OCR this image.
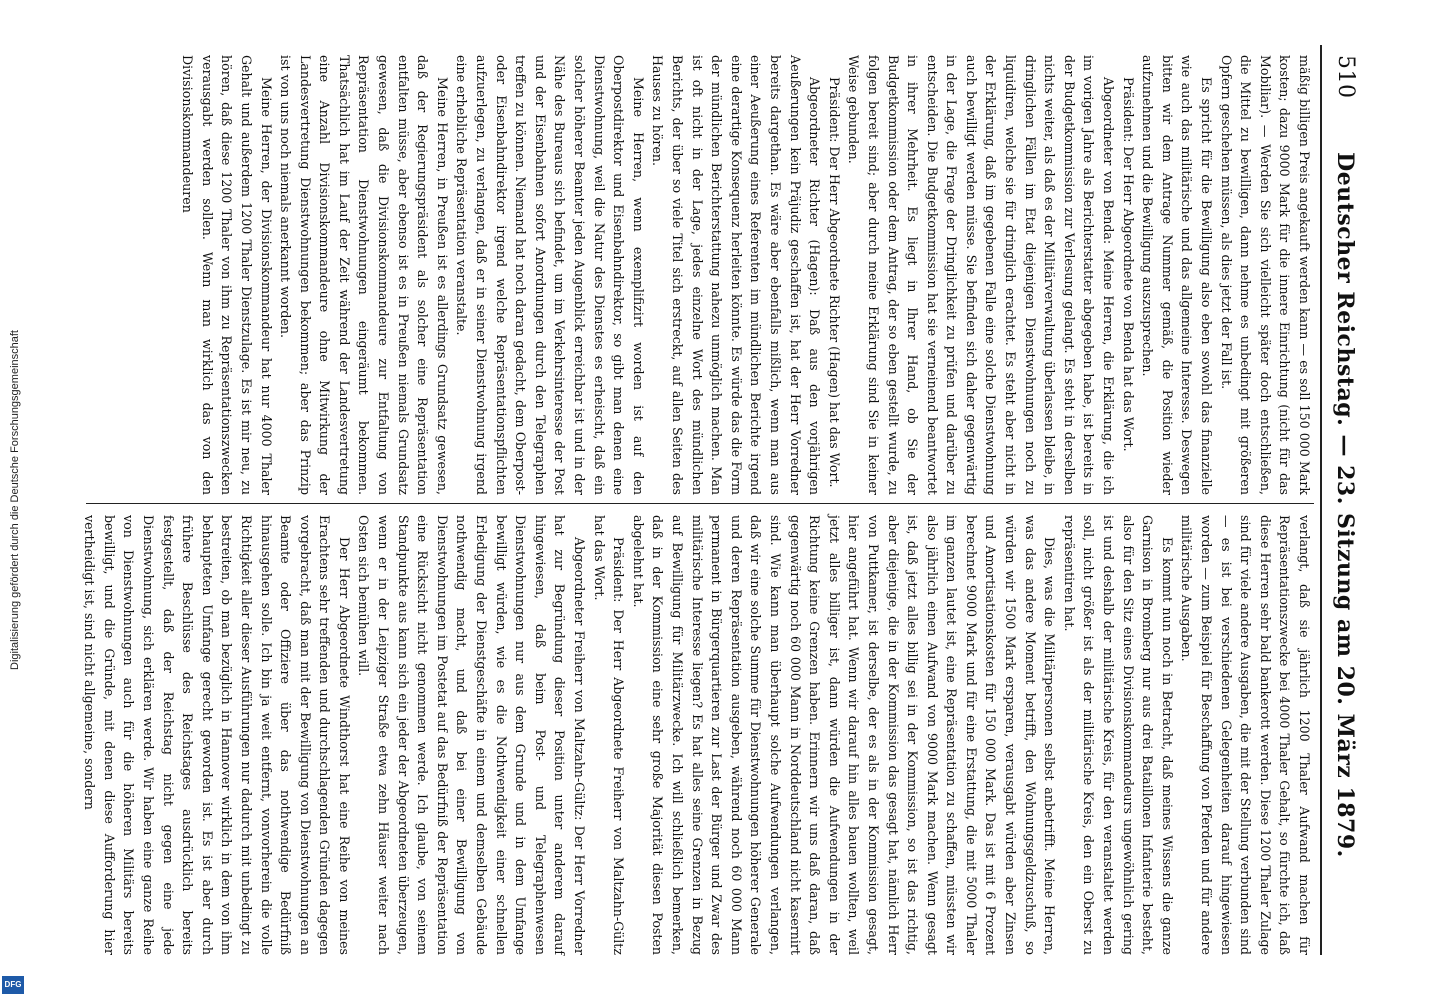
510
Deutscher Reichstag. — 23. Sitzung am 20. März 1879.

mäßig billigen Preis angekauft werden kann — es soll 150 000 Mark kosten; dazu 9000 Mark für die innere Einrichtung (nicht für das Mobiliar). — Werden Sie sich vielleicht später doch entschließen, die Mittel zu bewilligen, dann nehme es unbedingt mit größeren Opfern geschehen müssen, als dies jetzt der Fall ist.

Es spricht für die Bewilligung also eben sowohl das finanzielle wie auch das militärische und das allgemeine Interesse. Deswegen bitten wir dem Antrage Nummer gemäß, die Position wieder aufzunehmen und die Bewilligung auszusprechen.

Präsident: Der Herr Abgeordnete von Benda hat das Wort.

Abgeordneter von Benda: Meine Herren, die Erklärung, die ich im vorigen Jahre als Berichterstatter abgegeben habe, ist bereits in der Budgetkommission zur Verlesung gelangt. Es steht in derselben nichts weiter, als daß es der Militärverwaltung überlassen bleibe, in dringlichen Fällen im Etat diejenigen Dienstwohnungen noch zu liquidiren, welche sie für dringlich erachtet. Es steht aber nicht in der Erklärung, daß im gegebenen Falle eine solche Dienstwohnung auch bewilligt werden müsse. Sie befinden sich daher gegenwärtig in der Lage, die Frage der Dringlichkeit zu prüfen und darüber zu entscheiden. Die Budgetkommission hat sie verneinend beantwortet in ihrer Mehrheit. Es liegt in Ihrer Hand, ob Sie der Budgetkommission oder dem Antrag, der so eben gestellt wurde, zu folgen bereit sind; aber durch meine Erklärung sind Sie in keiner Weise gebunden.

Präsident: Der Herr Abgeordnete Richter (Hagen) hat das Wort.

Abgeordneter Richter (Hagen): Daß aus den vorjährigen Aeußerungen kein Präjudiz geschaffen ist, hat der Herr Vorredner bereits dargethan. Es wäre aber ebenfalls mißlich, wenn man aus einer Aeußerung eines Referenten im mündlichen Berichte irgend eine derartige Konsequenz herleiten könnte. Es würde das die Form der mündlichen Berichterstattung nahezu unmöglich machen. Man ist oft nicht in der Lage, jedes einzelne Wort des mündlichen Berichts, der über so viele Titel sich erstreckt, auf allen Seiten des Hauses zu hören.

Meine Herren, wenn exemplifizirt worden ist auf den Oberpostdirektor und Eisenbahndirektor, so gibt man denen eine Dienstwohnung, weil die Natur des Dienstes es erheischt, daß ein solcher höherer Beamter jeden Augenblick erreichbar ist und in der Nähe des Bureaus sich befindet, um im Verkehrsinteresse der Post und der Eisenbahnen sofort Anordnungen durch den Telegraphen treffen zu können. Niemand hat noch daran gedacht, dem Oberpost- oder Eisenbahndirektor irgend welche Repräsentationspflichten aufzuerlegen, zu verlangen, daß er in seiner Dienstwohnung irgend eine erhebliche Repräsentation veranstalte.

Meine Herren, in Preußen ist es allerdings Grundsatz gewesen, daß der Regierungspräsident als solcher eine Repräsentation entfalten müsse, aber ebenso ist es in Preußen niemals Grundsatz gewesen, daß die Divisionskommandeure zur Entfaltung von Repräsentation Dienstwohnungen eingeräumt bekommen. Thatsächlich hat im Lauf der Zeit während der Landesvertretung eine Anzahl Divisionskommandeure ohne Mitwirkung der Landesvertretung Dienstwohnungen bekommen; aber das Prinzip ist von uns noch niemals anerkannt worden.

Meine Herren, der Divisionskommandeur hat nur 4000 Thaler Gehalt und außerdem 1200 Thaler Dienstzulage. Es ist mir neu, zu hören, daß diese 1200 Thaler von ihm zu Repräsentationszwecken verausgabt werden sollen. Wenn man wirklich das von den Divisionskommandeuren

verlangt, daß sie jährlich 1200 Thaler Aufwand machen für Repräsentationszwecke bei 4000 Thaler Gehalt, so fürchte ich, daß diese Herren sehr bald bankerott werden. Diese 1200 Thaler Zulage sind für viele andere Ausgaben, die mit der Stellung verbunden sind — es ist bei verschiedenen Gelegenheiten darauf hingewiesen worden — zum Beispiel für Beschaffung von Pferden und für andere militärische Ausgaben.

Es kommt nun noch in Betracht, daß meines Wissens die ganze Garnison in Bromberg nur aus drei Bataillonen Infanterie besteht, also für den Sitz eines Divisionskommandeurs ungewöhnlich gering ist und deshalb der militärische Kreis, für den veranstaltet werden soll, nicht größer ist als der militärische Kreis, den ein Oberst zu repräsentiren hat.

Dies, was die Militärpersonen selbst anbetrifft. Meine Herren, was das andere Moment betrifft, den Wohnungsgeldzuschuß, so würden wir 1500 Mark ersparen, verausgabt würden aber Zinsen und Amortisationskosten für 150 000 Mark. Das ist mit 6 Prozent berechnet 9000 Mark und für eine Erstattung, die mit 5000 Thaler im ganzen lautet ist, eine Repräsentation zu schaffen, müssten wir also jährlich einen Aufwand von 9000 Mark machen. Wenn gesagt ist, daß jetzt alles billig sei in der Kommission, so ist das richtig, aber diejenige, die in der Kommission das gesagt hat, nämlich Herr von Puttkamer, ist derselbe, der es als in der Kommission gesagt, hier angeführt hat. Wenn wir darauf hin alles bauen wollten, weil jetzt alles billiger ist, dann würden die Aufwendungen in der Richtung keine Grenzen haben. Erinnern wir uns daß daran, daß gegenwärtig noch 60 000 Mann in Norddeutschland nicht kasernirt sind. Wie kann man überhaupt solche Aufwendungen verlangen, daß wir eine solche Summe für Dienstwohnungen höherer Generale und deren Repräsentation ausgeben, während noch 60 000 Mann permanent in Bürgerquartieren zur Last der Bürger und Zwar des militärische Interesse liegen? Es hat alles seine Grenzen in Bezug auf Bewilligung für Militärzwecke. Ich will schließlich bemerken, daß in der Kommission eine sehr große Majorität diesen Posten abgelehnt hat.

Präsident: Der Herr Abgeordnete Freiherr von Maltzahn-Gültz hat das Wort.

Abgeordneter Freiherr von Maltzahn-Gültz: Der Herr Vorredner hat zur Begründung dieser Position unter anderem darauf hingewiesen, daß beim Post- und Telegraphenwesen Dienstwohnungen nur aus dem Grunde und in dem Umfange bewilligt würden, wie es die Nothwendigkeit einer schnellen Erledigung der Dienstgeschäfte in einem und demselben Gebäude nothwendig macht, und daß bei einer Bewilligung von Dienstwohnungen im Postetat auf das Bedürfniß der Repräsentation eine Rücksicht nicht genommen werde. Ich glaube, von seinem Standpunkte aus kann sich ein jeder der Abgeordneten überzeugen, wenn er in der Leipziger Straße etwa zehn Häuser weiter nach Osten sich bemühen will.

Der Herr Abgeordnete Windthorst hat eine Reihe von meines Erachtens sehr treffenden und durchschlagenden Gründen dagegen vorgebracht, daß man mit der Bewilligung von Dienstwohnungen an Beamte oder Offiziere über das nothwendige Bedürfniß hinausgehen solle. Ich bin ja weit entfernt, vonvorherein die volle Richtigkeit aller dieser Ausführungen nur dadurch mit unbedingt zu bestreiten, ob man bezüglich in Hannover wirklich in dem von ihm behaupteten Umfange gerecht geworden ist. Es ist aber durch frühere Beschlüsse des Reichstages ausdrücklich bereits festgestellt, daß der Reichstag nicht gegen eine jede Dienstwohnung, sich erklären werde. Wir haben eine ganze Reihe von Dienstwohnungen auch für die höheren Militärs bereits bewilligt, und die Gründe, mit denen diese Aufforderung hier vertheidigt ist, sind nicht allgemeine, sondern

Digitalisierung gefördert durch die Deutsche Forschungsgemeinschaft
DFG
